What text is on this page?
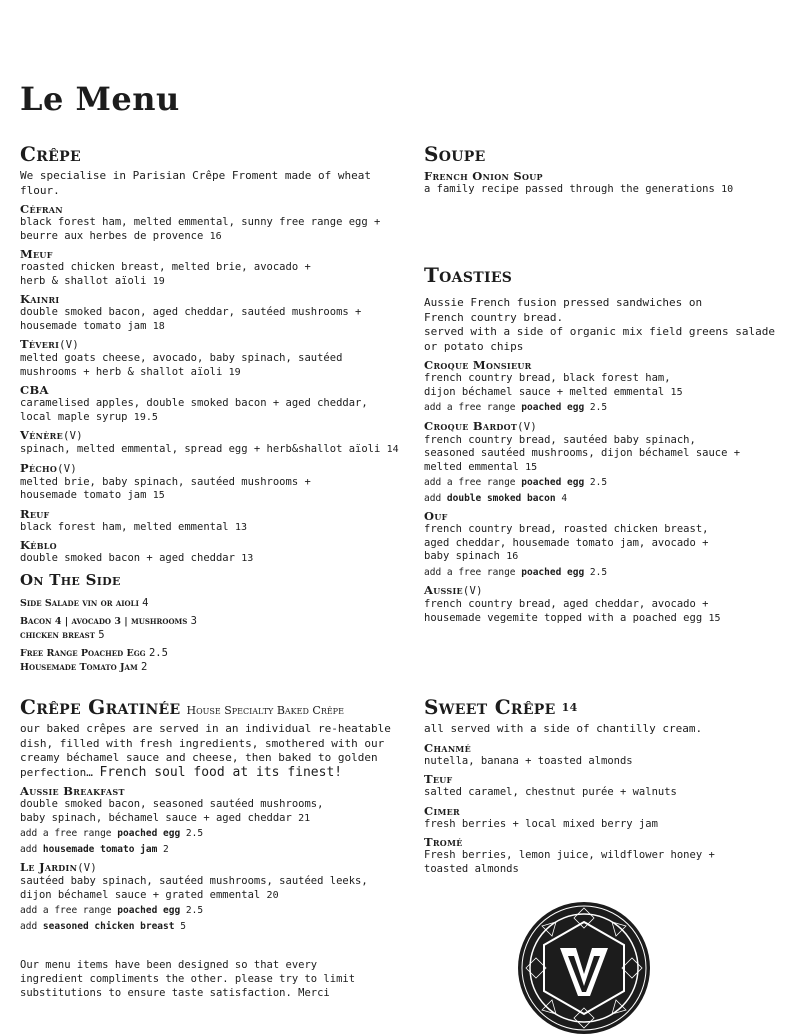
Le Menu
Crêpe
We specialise in Parisian Crêpe Froment made of wheat flour.
Céfran
black forest ham, melted emmental, sunny free range egg +
beurre aux herbes de provence 16
Meuf
roasted chicken breast, melted brie, avocado +
herb & shallot aïoli 19
Kainri
double smoked bacon, aged cheddar, sautéed mushrooms +
housemade tomato jam 18
Téveri(V)
melted goats cheese, avocado, baby spinach, sautéed
mushrooms + herb & shallot aïoli 19
CBA
caramelised apples, double smoked bacon + aged cheddar,
local maple syrup 19.5
Vénère(V)
spinach, melted emmental, spread egg + herb&shallot aïoli 14
Pécho(V)
melted brie, baby spinach, sautéed mushrooms +
housemade tomato jam 15
Reuf
black forest ham, melted emmental 13
Kéblo
double smoked bacon + aged cheddar 13
On The Side
Side Salade vin or aioli 4
Bacon 4 | avocado 3 | mushrooms 3
chicken breast 5
Free Range Poached Egg 2.5
Housemade Tomato Jam 2
Crêpe Gratinée House Specialty Baked Crêpe
our baked crêpes are served in an individual re-heatable
dish, filled with fresh ingredients, smothered with our
creamy béchamel sauce and cheese, then baked to golden
perfection… French soul food at its finest!
Aussie Breakfast
double smoked bacon, seasoned sautéed mushrooms,
baby spinach, béchamel sauce + aged cheddar 21
add a free range poached egg 2.5
add housemade tomato jam 2
Le Jardin(V)
sautéed baby spinach, sautéed mushrooms, sautéed leeks,
dijon béchamel sauce + grated emmental 20
add a free range poached egg 2.5
add seasoned chicken breast 5
Our menu items have been designed so that every
ingredient compliments the other. please try to limit
substitutions to ensure taste satisfaction. Merci
Soupe
French Onion Soup
a family recipe passed through the generations 10
Toasties
Aussie French fusion pressed sandwiches on
French country bread.
served with a side of organic mix field greens salade
or potato chips
Croque Monsieur
french country bread, black forest ham,
dijon béchamel sauce + melted emmental 15
add a free range poached egg 2.5
Croque Bardot(V)
french country bread, sautéed baby spinach,
seasoned sautéed mushrooms, dijon béchamel sauce +
melted emmental 15
add a free range poached egg 2.5
add double smoked bacon 4
Ouf
french country bread, roasted chicken breast,
aged cheddar, housemade tomato jam, avocado +
baby spinach 16
add a free range poached egg 2.5
Aussie(V)
french country bread, aged cheddar, avocado +
housemade vegemite topped with a poached egg 15
Sweet Crêpe 14
all served with a side of chantilly cream.
Chanmé
nutella, banana + toasted almonds
Teuf
salted caramel, chestnut purée + walnuts
Cimer
fresh berries + local mixed berry jam
Tromé
Fresh berries, lemon juice, wildflower honey +
toasted almonds
